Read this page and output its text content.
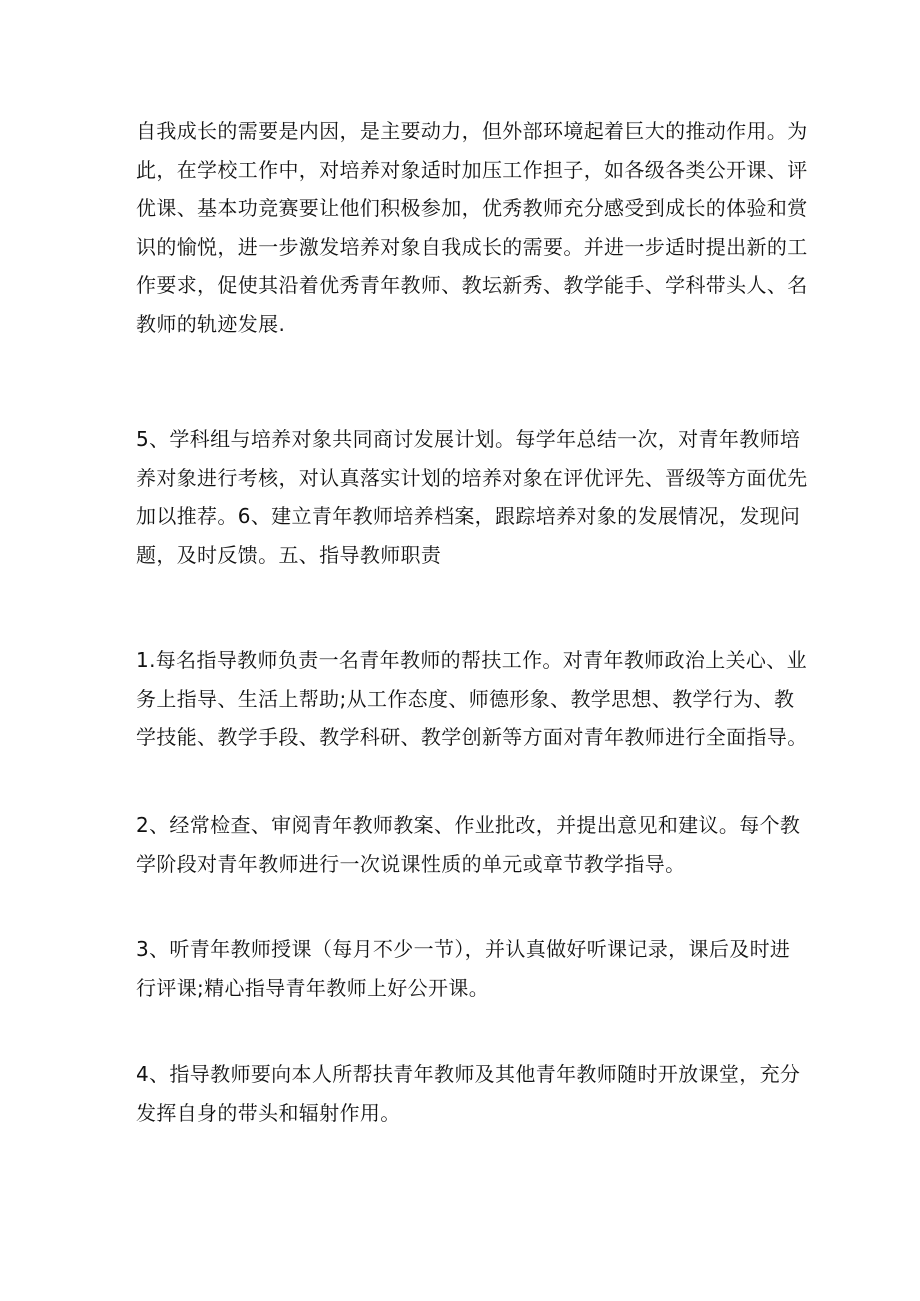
自我成长的需要是内因，是主要动力，但外部环境起着巨大的推动作用。为
此，在学校工作中，对培养对象适时加压工作担子，如各级各类公开课、评
优课、基本功竞赛要让他们积极参加，优秀教师充分感受到成长的体验和赏
识的愉悦，进一步激发培养对象自我成长的需要。并进一步适时提出新的工
作要求，促使其沿着优秀青年教师、教坛新秀、教学能手、学科带头人、名
教师的轨迹发展.

5、学科组与培养对象共同商讨发展计划。每学年总结一次，对青年教师培
养对象进行考核，对认真落实计划的培养对象在评优评先、晋级等方面优先
加以推荐。6、建立青年教师培养档案，跟踪培养对象的发展情况，发现问
题，及时反馈。五、指导教师职责

1.每名指导教师负责一名青年教师的帮扶工作。对青年教师政治上关心、业
务上指导、生活上帮助;从工作态度、师德形象、教学思想、教学行为、教
学技能、教学手段、教学科研、教学创新等方面对青年教师进行全面指导。

2、经常检查、审阅青年教师教案、作业批改，并提出意见和建议。每个教
学阶段对青年教师进行一次说课性质的单元或章节教学指导。

3、听青年教师授课（每月不少一节），并认真做好听课记录，课后及时进
行评课;精心指导青年教师上好公开课。

4、指导教师要向本人所帮扶青年教师及其他青年教师随时开放课堂，充分
发挥自身的带头和辐射作用。
